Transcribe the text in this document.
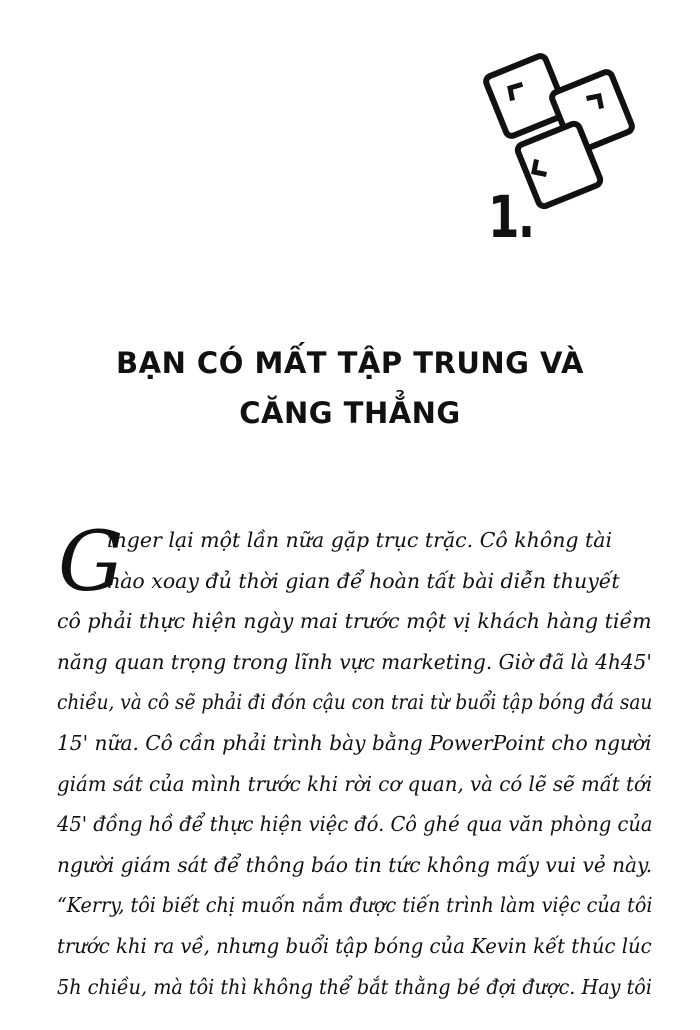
1.
BẠN CÓ MẤT TẬP TRUNG VÀ
CĂNG THẲNG
G
inger lại một lần nữa gặp trục trặc. Cô không tài
nào xoay đủ thời gian để hoàn tất bài diễn thuyết
cô phải thực hiện ngày mai trước một vị khách hàng tiềm
năng quan trọng trong lĩnh vực marketing. Giờ đã là 4h45'
chiều, và cô sẽ phải đi đón cậu con trai từ buổi tập bóng đá sau
15' nữa. Cô cần phải trình bày bằng PowerPoint cho người
giám sát của mình trước khi rời cơ quan, và có lẽ sẽ mất tới
45' đồng hồ để thực hiện việc đó. Cô ghé qua văn phòng của
người giám sát để thông báo tin tức không mấy vui vẻ này.
“Kerry, tôi biết chị muốn nắm được tiến trình làm việc của tôi
trước khi ra về, nhưng buổi tập bóng của Kevin kết thúc lúc
5h chiều, mà tôi thì không thể bắt thằng bé đợi được. Hay tôi
